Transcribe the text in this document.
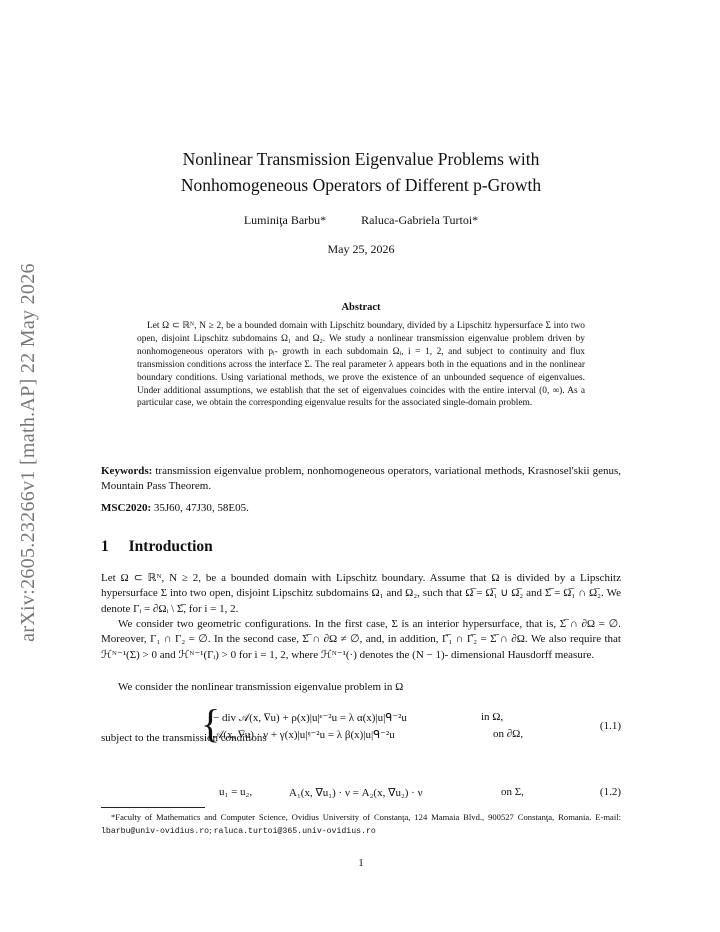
arXiv:2605.23266v1 [math.AP] 22 May 2026
Nonlinear Transmission Eigenvalue Problems with
Nonhomogeneous Operators of Different p-Growth
Luminiţa Barbu*	Raluca-Gabriela Turtoi*
May 25, 2026
Abstract
Let Ω ⊂ ℝᴺ, N ≥ 2, be a bounded domain with Lipschitz boundary, divided by a Lipschitz hypersurface Σ into two open, disjoint Lipschitz subdomains Ω₁ and Ω₂. We study a nonlinear transmission eigenvalue problem driven by nonhomogeneous operators with pᵢ- growth in each subdomain Ωᵢ, i = 1, 2, and subject to continuity and flux transmission conditions across the interface Σ. The real parameter λ appears both in the equations and in the nonlinear boundary conditions. Using variational methods, we prove the existence of an unbounded sequence of eigenvalues. Under additional assumptions, we establish that the set of eigenvalues coincides with the entire interval (0, ∞). As a particular case, we obtain the corresponding eigenvalue results for the associated single-domain problem.
Keywords: transmission eigenvalue problem, nonhomogeneous operators, variational methods, Krasnosel'skii genus, Mountain Pass Theorem.
MSC2020: 35J60, 47J30, 58E05.
1 Introduction
Let Ω ⊂ ℝᴺ, N ≥ 2, be a bounded domain with Lipschitz boundary. Assume that Ω is divided by a Lipschitz hypersurface Σ into two open, disjoint Lipschitz subdomains Ω₁ and Ω₂, such that Ω̅ = Ω̅₁ ∪ Ω̅₂ and Σ̅ = Ω̅₁ ∩ Ω̅₂. We denote Γᵢ = ∂Ωᵢ \ Σ̅, for i = 1, 2.
We consider two geometric configurations. In the first case, Σ is an interior hypersurface, that is, Σ̅ ∩ ∂Ω = ∅. Moreover, Γ₁ ∩ Γ₂ = ∅. In the second case, Σ̅ ∩ ∂Ω ≠ ∅, and, in addition, Γ̅₁ ∩ Γ̅₂ = Σ̅ ∩ ∂Ω. We also require that ℋᴺ⁻¹(Σ) > 0 and ℋᴺ⁻¹(Γᵢ) > 0 for i = 1, 2, where ℋᴺ⁻¹(·) denotes the (N − 1)- dimensional Hausdorff measure.
We consider the nonlinear transmission eigenvalue problem in Ω
{
− div 𝒜(x, ∇u) + ρ(x)|u|ᶝ⁻²u = λ α(x)|u|ᑫ⁻²u	in Ω,
𝒜(x, ∇u) · ν + γ(x)|u|ᵑ⁻²u = λ β(x)|u|ᑫ⁻²u	on ∂Ω,
(1.1)
subject to the transmission conditions
u₁ = u₂,	A₁(x, ∇u₁) · ν = A₂(x, ∇u₂) · ν	on Σ,	(1.2)
*Faculty of Mathematics and Computer Science, Ovidius University of Constanţa, 124 Mamaia Blvd., 900527 Constanţa, Romania. E-mail: lbarbu@univ-ovidius.ro; raluca.turtoi@365.univ-ovidius.ro
1
